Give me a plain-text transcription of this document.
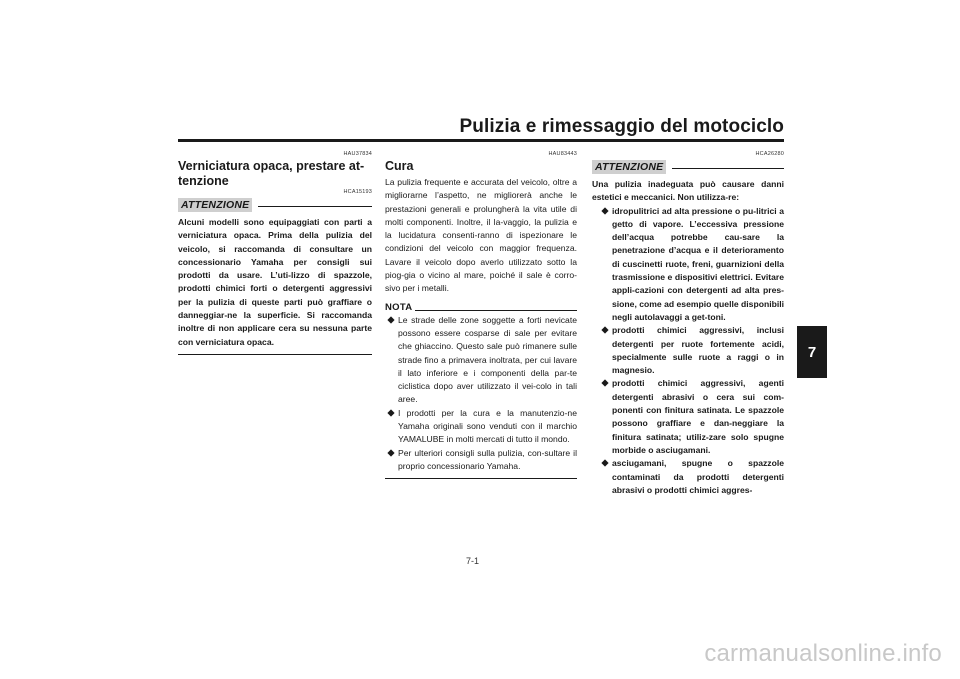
Pulizia e rimessaggio del motociclo
7
HAU37834
Verniciatura opaca, prestare at-tenzione
HCA15193
ATTENZIONE

Alcuni modelli sono equipaggiati con parti a verniciatura opaca. Prima della pulizia del veicolo, si raccomanda di consultare un concessionario Yamaha per consigli sui prodotti da usare. L’uti-lizzo di spazzole, prodotti chimici forti o detergenti aggressivi per la pulizia di queste parti può graffiare o danneggiar-ne la superficie. Si raccomanda inoltre di non applicare cera su nessuna parte con verniciatura opaca.

HAU83443
Cura

La pulizia frequente e accurata del veicolo, oltre a migliorarne l’aspetto, ne migliorerà anche le prestazioni generali e prolungherà la vita utile di molti componenti. Inoltre, il la-vaggio, la pulizia e la lucidatura consenti-ranno di ispezionare le condizioni del veicolo con maggior frequenza. Lavare il veicolo dopo averlo utilizzato sotto la piog-gia o vicino al mare, poiché il sale è corro-sivo per i metalli.

NOTA
Le strade delle zone soggette a forti nevicate possono essere cosparse di sale per evitare che ghiaccino. Questo sale può rimanere sulle strade fino a primavera inoltrata, per cui lavare il lato inferiore e i componenti della par-te ciclistica dopo aver utilizzato il vei-colo in tali aree.
I prodotti per la cura e la manutenzio-ne Yamaha originali sono venduti con il marchio YAMALUBE in molti mercati di tutto il mondo.
Per ulteriori consigli sulla pulizia, con-sultare il proprio concessionario Yamaha.
HCA26280
ATTENZIONE

Una pulizia inadeguata può causare danni estetici e meccanici. Non utilizza-re:

idropulitrici ad alta pressione o pu-litrici a getto di vapore. L’eccessiva pressione dell’acqua potrebbe cau-sare la penetrazione d’acqua e il deterioramento di cuscinetti ruote, freni, guarnizioni della trasmissione e dispositivi elettrici. Evitare appli-cazioni con detergenti ad alta pres-sione, come ad esempio quelle disponibili negli autolavaggi a get-toni.
prodotti chimici aggressivi, inclusi detergenti per ruote fortemente acidi, specialmente sulle ruote a raggi o in magnesio.
prodotti chimici aggressivi, agenti detergenti abrasivi o cera sui com-ponenti con finitura satinata. Le spazzole possono graffiare e dan-neggiare la finitura satinata; utiliz-zare solo spugne morbide o asciugamani.
asciugamani, spugne o spazzole contaminati da prodotti detergenti abrasivi o prodotti chimici aggres-
7-1
carmanualsonline.info
